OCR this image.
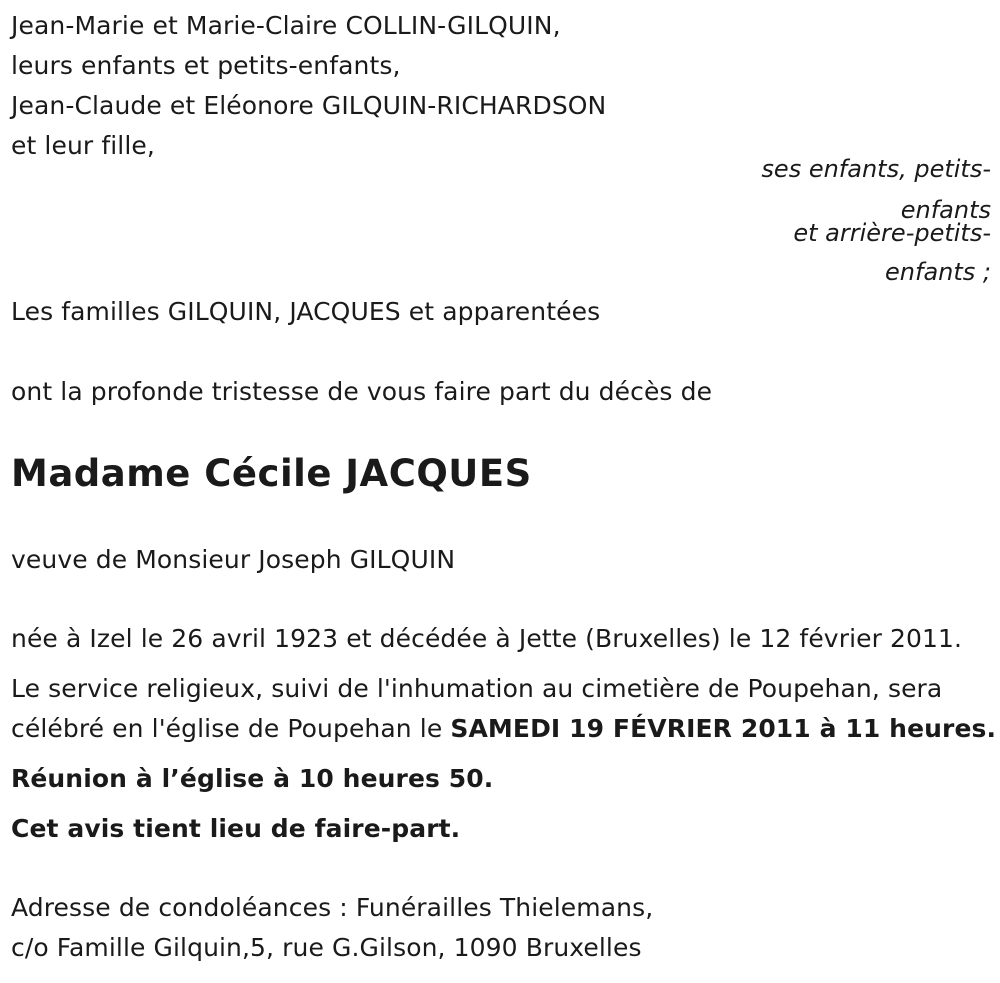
Jean-Marie et Marie-Claire COLLIN-GILQUIN,
leurs enfants et petits-enfants,
Jean-Claude et Eléonore GILQUIN-RICHARDSON
et leur fille,
ses enfants, petits-
enfants
et arrière-petits-
enfants ;
Les familles GILQUIN, JACQUES et apparentées
ont la profonde tristesse de vous faire part du décès de
Madame Cécile JACQUES
veuve de Monsieur Joseph GILQUIN
née à Izel le 26 avril 1923 et décédée à Jette (Bruxelles) le 12 février 2011.
Le service religieux, suivi de l'inhumation au cimetière de Poupehan, sera
célébré en l'église de Poupehan le SAMEDI 19 FÉVRIER 2011 à 11 heures.
Réunion à l’église à 10 heures 50.
Cet avis tient lieu de faire-part.
Adresse de condoléances : Funérailles Thielemans,
c/o Famille Gilquin,5, rue G.Gilson, 1090 Bruxelles
